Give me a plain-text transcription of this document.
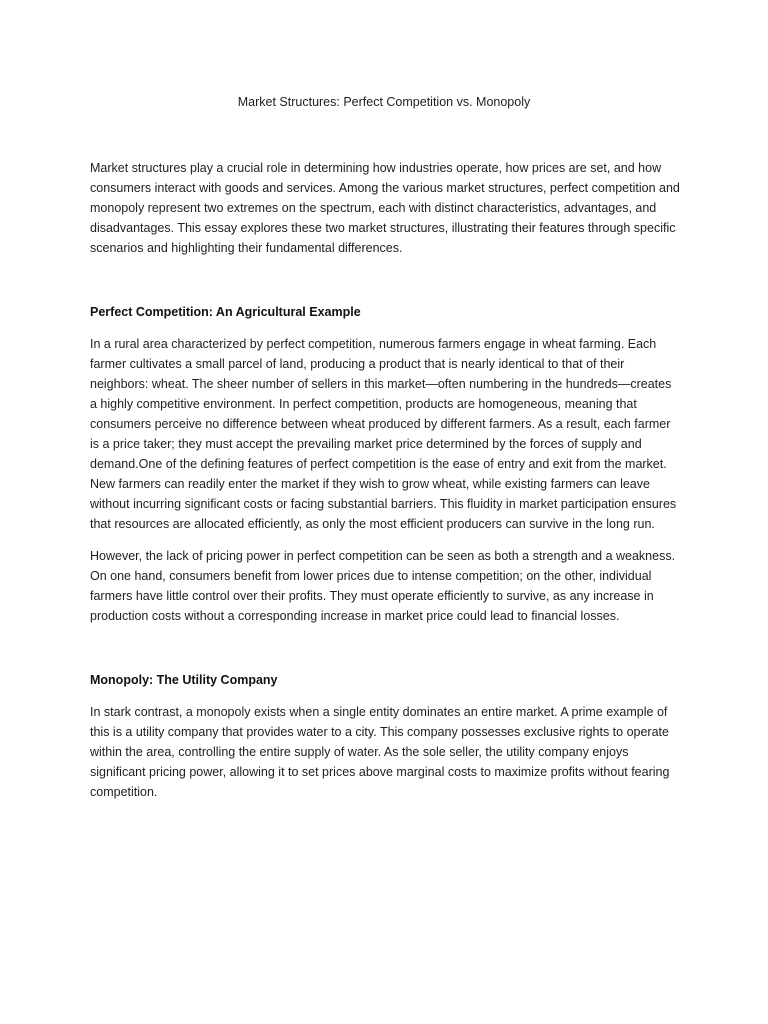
Market Structures: Perfect Competition vs. Monopoly

Market structures play a crucial role in determining how industries operate, how prices are set, and how consumers interact with goods and services. Among the various market structures, perfect competition and monopoly represent two extremes on the spectrum, each with distinct characteristics, advantages, and disadvantages. This essay explores these two market structures, illustrating their features through specific scenarios and highlighting their fundamental differences.

Perfect Competition: An Agricultural Example

In a rural area characterized by perfect competition, numerous farmers engage in wheat farming. Each farmer cultivates a small parcel of land, producing a product that is nearly identical to that of their neighbors: wheat. The sheer number of sellers in this market—often numbering in the hundreds—creates a highly competitive environment. In perfect competition, products are homogeneous, meaning that consumers perceive no difference between wheat produced by different farmers. As a result, each farmer is a price taker; they must accept the prevailing market price determined by the forces of supply and demand.One of the defining features of perfect competition is the ease of entry and exit from the market. New farmers can readily enter the market if they wish to grow wheat, while existing farmers can leave without incurring significant costs or facing substantial barriers. This fluidity in market participation ensures that resources are allocated efficiently, as only the most efficient producers can survive in the long run.

However, the lack of pricing power in perfect competition can be seen as both a strength and a weakness. On one hand, consumers benefit from lower prices due to intense competition; on the other, individual farmers have little control over their profits. They must operate efficiently to survive, as any increase in production costs without a corresponding increase in market price could lead to financial losses.

Monopoly: The Utility Company

In stark contrast, a monopoly exists when a single entity dominates an entire market. A prime example of this is a utility company that provides water to a city. This company possesses exclusive rights to operate within the area, controlling the entire supply of water. As the sole seller, the utility company enjoys significant pricing power, allowing it to set prices above marginal costs to maximize profits without fearing competition.
